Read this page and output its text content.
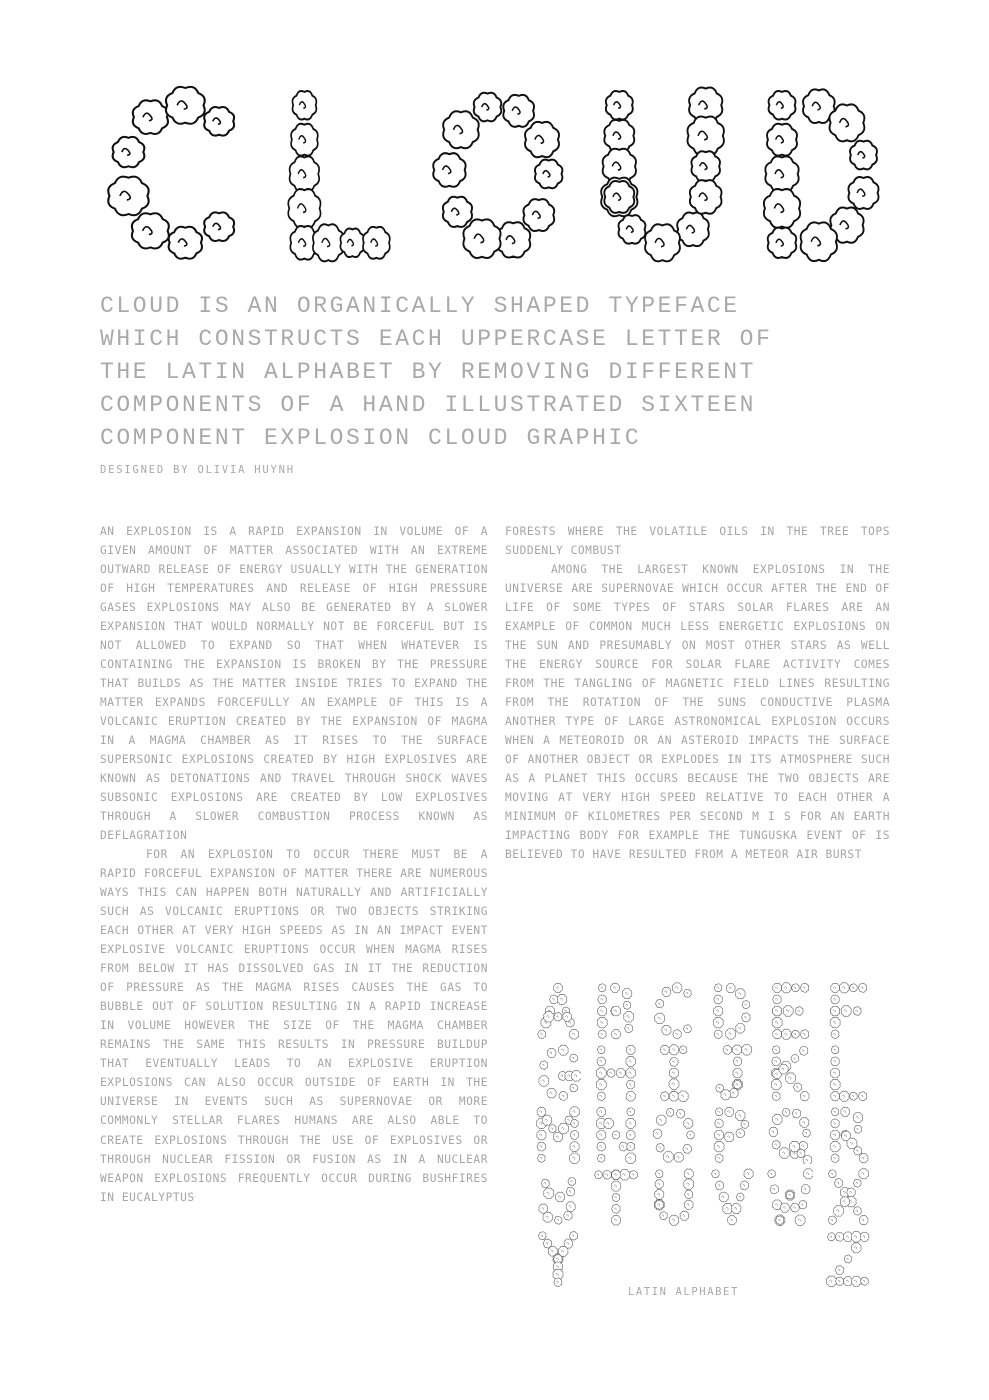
CLOUD IS AN ORGANICALLY SHAPED TYPEFACE
WHICH CONSTRUCTS EACH UPPERCASE LETTER OF
THE LATIN ALPHABET BY REMOVING DIFFERENT
COMPONENTS OF A HAND ILLUSTRATED SIXTEEN
COMPONENT EXPLOSION CLOUD GRAPHIC
DESIGNED BY OLIVIA HUYNH

AN EXPLOSION IS A RAPID EXPANSION IN VOLUME OF A GIVEN AMOUNT OF MATTER ASSOCIATED WITH AN EXTREME OUTWARD RELEASE OF ENERGY USUALLY WITH THE GENERATION OF HIGH TEMPERATURES AND RELEASE OF HIGH PRESSURE GASES EXPLOSIONS MAY ALSO BE GENERATED BY A SLOWER EXPANSION THAT WOULD NORMALLY NOT BE FORCEFUL BUT IS NOT ALLOWED TO EXPAND SO THAT WHEN WHATEVER IS CONTAINING THE EXPANSION IS BROKEN BY THE PRESSURE THAT BUILDS AS THE MATTER INSIDE TRIES TO EXPAND THE MATTER EXPANDS FORCEFULLY AN EXAMPLE OF THIS IS A VOLCANIC ERUPTION CREATED BY THE EXPANSION OF MAGMA IN A MAGMA CHAMBER AS IT RISES TO THE SURFACE SUPERSONIC EXPLOSIONS CREATED BY HIGH EXPLOSIVES ARE KNOWN AS DETONATIONS AND TRAVEL THROUGH SHOCK WAVES SUBSONIC EXPLOSIONS ARE CREATED BY LOW EXPLOSIVES THROUGH A SLOWER COMBUSTION PROCESS KNOWN AS DEFLAGRATION

FOR AN EXPLOSION TO OCCUR THERE MUST BE A RAPID FORCEFUL EXPANSION OF MATTER THERE ARE NUMEROUS WAYS THIS CAN HAPPEN BOTH NATURALLY AND ARTIFICIALLY SUCH AS VOLCANIC ERUPTIONS OR TWO OBJECTS STRIKING EACH OTHER AT VERY HIGH SPEEDS AS IN AN IMPACT EVENT EXPLOSIVE VOLCANIC ERUPTIONS OCCUR WHEN MAGMA RISES FROM BELOW IT HAS DISSOLVED GAS IN IT THE REDUCTION OF PRESSURE AS THE MAGMA RISES CAUSES THE GAS TO BUBBLE OUT OF SOLUTION RESULTING IN A RAPID INCREASE IN VOLUME HOWEVER THE SIZE OF THE MAGMA CHAMBER REMAINS THE SAME THIS RESULTS IN PRESSURE BUILDUP THAT EVENTUALLY LEADS TO AN EXPLOSIVE ERUPTION EXPLOSIONS CAN ALSO OCCUR OUTSIDE OF EARTH IN THE UNIVERSE IN EVENTS SUCH AS SUPERNOVAE OR MORE COMMONLY STELLAR FLARES HUMANS ARE ALSO ABLE TO CREATE EXPLOSIONS THROUGH THE USE OF EXPLOSIVES OR THROUGH NUCLEAR FISSION OR FUSION AS IN A NUCLEAR WEAPON EXPLOSIONS FREQUENTLY OCCUR DURING BUSHFIRES IN EUCALYPTUS

FORESTS WHERE THE VOLATILE OILS IN THE TREE TOPS SUDDENLY COMBUST

AMONG THE LARGEST KNOWN EXPLOSIONS IN THE UNIVERSE ARE SUPERNOVAE WHICH OCCUR AFTER THE END OF LIFE OF SOME TYPES OF STARS SOLAR FLARES ARE AN EXAMPLE OF COMMON MUCH LESS ENERGETIC EXPLOSIONS ON THE SUN AND PRESUMABLY ON MOST OTHER STARS AS WELL THE ENERGY SOURCE FOR SOLAR FLARE ACTIVITY COMES FROM THE TANGLING OF MAGNETIC FIELD LINES RESULTING FROM THE ROTATION OF THE SUNS CONDUCTIVE PLASMA ANOTHER TYPE OF LARGE ASTRONOMICAL EXPLOSION OCCURS WHEN A METEOROID OR AN ASTEROID IMPACTS THE SURFACE OF ANOTHER OBJECT OR EXPLODES IN ITS ATMOSPHERE SUCH AS A PLANET THIS OCCURS BECAUSE THE TWO OBJECTS ARE MOVING AT VERY HIGH SPEED RELATIVE TO EACH OTHER A MINIMUM OF KILOMETRES PER SECOND M I S FOR AN EARTH IMPACTING BODY FOR EXAMPLE THE TUNGUSKA EVENT OF IS BELIEVED TO HAVE RESULTED FROM A METEOR AIR BURST

LATIN ALPHABET
